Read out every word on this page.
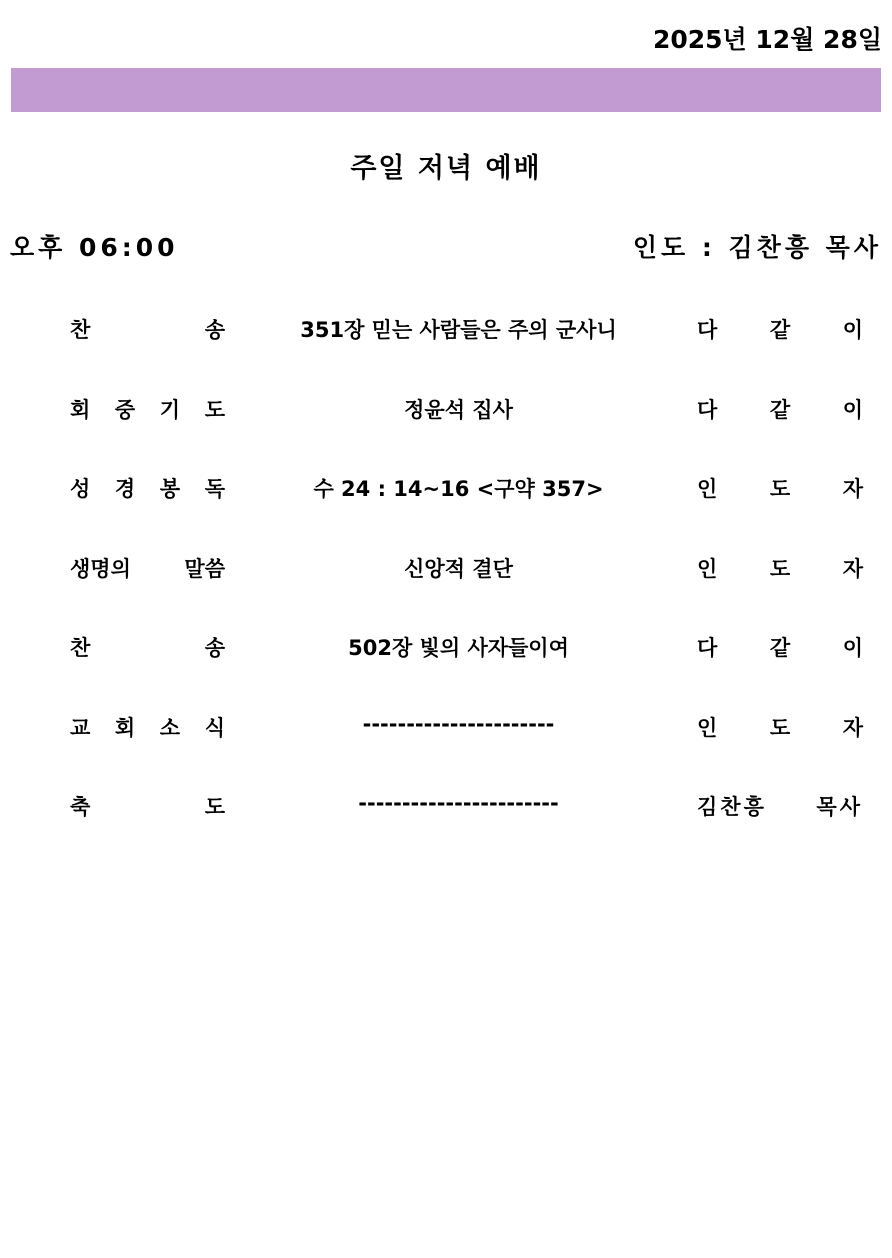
2025년 12월 28일
주일 저녁 예배
오후 06:00	인도 : 김찬흥 목사
찬 송	351장 믿는 사람들은 주의 군사니	다 같 이
회 중 기 도	정윤석 집사	다 같 이
성 경 봉 독	수 24 : 14~16 <구약 357>	인 도 자
생명의 말씀	신앙적 결단	인 도 자
찬 송	502장 빛의 사자들이여	다 같 이
교 회 소 식	----------------------	인 도 자
축 도	-----------------------	김찬흥 목사
